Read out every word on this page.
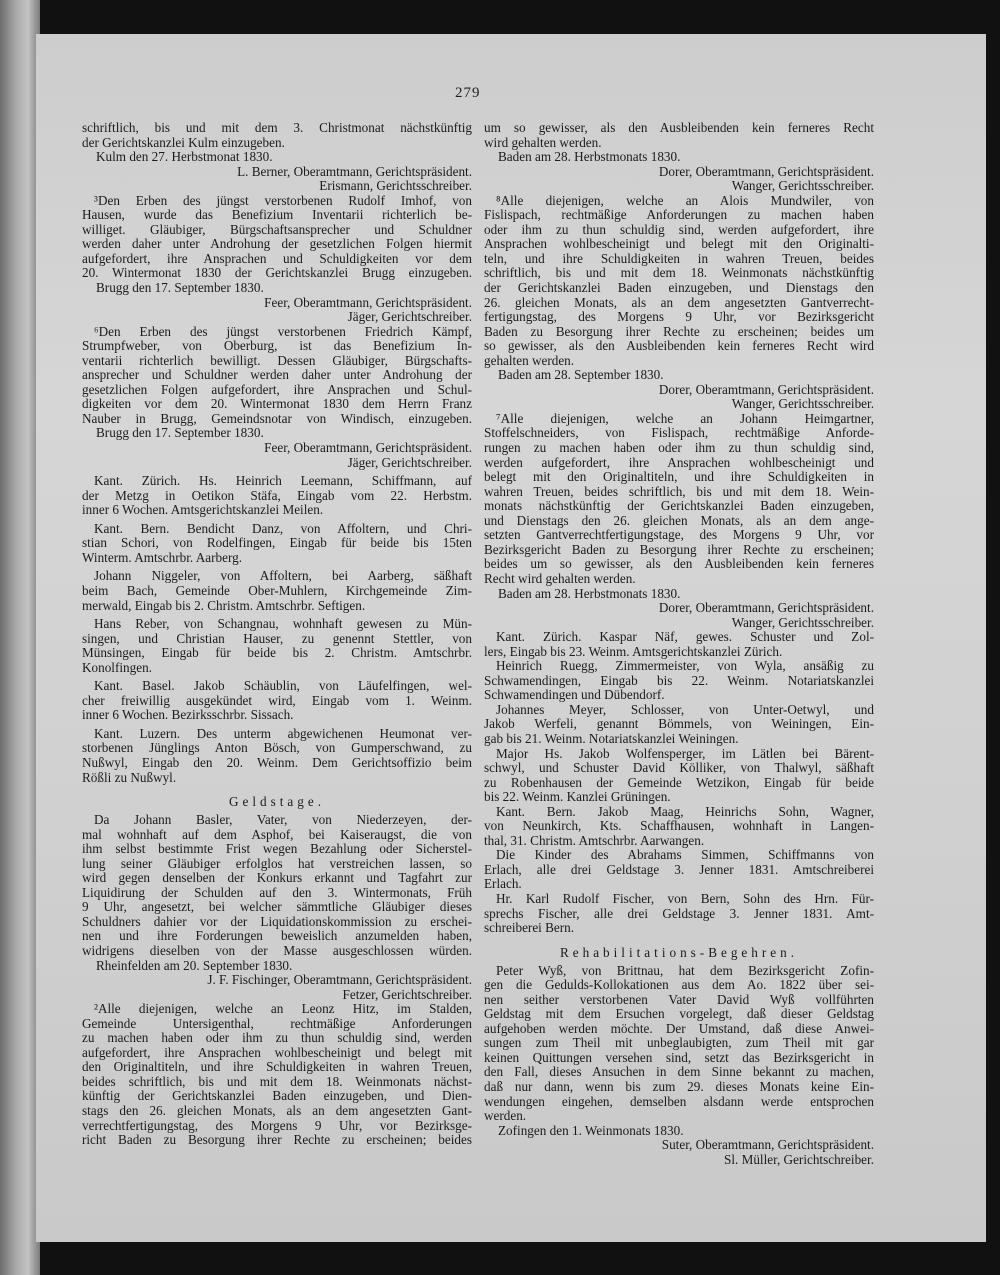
279
schriftlich, bis und mit dem 3. Christmonat nächstkünftig
der Gerichtskanzlei Kulm einzugeben.
Kulm den 27. Herbstmonat 1830.
L. Berner, Oberamtmann, Gerichtspräsident.
Erismann, Gerichtsschreiber.
³Den Erben des jüngst verstorbenen Rudolf Imhof, von
Hausen, wurde das Benefizium Inventarii richterlich be-
williget. Gläubiger, Bürgschaftsansprecher und Schuldner
werden daher unter Androhung der gesetzlichen Folgen hiermit
aufgefordert, ihre Ansprachen und Schuldigkeiten vor dem
20. Wintermonat 1830 der Gerichtskanzlei Brugg einzugeben.
Brugg den 17. September 1830.
Feer, Oberamtmann, Gerichtspräsident.
Jäger, Gerichtschreiber.
⁶Den Erben des jüngst verstorbenen Friedrich Kämpf,
Strumpfweber, von Oberburg, ist das Benefizium In-
ventarii richterlich bewilligt. Dessen Gläubiger, Bürgschafts-
ansprecher und Schuldner werden daher unter Androhung der
gesetzlichen Folgen aufgefordert, ihre Ansprachen und Schul-
digkeiten vor dem 20. Wintermonat 1830 dem Herrn Franz
Nauber in Brugg, Gemeindsnotar von Windisch, einzugeben.
Brugg den 17. September 1830.
Feer, Oberamtmann, Gerichtspräsident.
Jäger, Gerichtschreiber.
Kant. Zürich. Hs. Heinrich Leemann, Schiffmann, auf
der Metzg in Oetikon Stäfa, Eingab vom 22. Herbstm.
inner 6 Wochen. Amtsgerichtskanzlei Meilen.
Kant. Bern. Bendicht Danz, von Affoltern, und Chri-
stian Schori, von Rodelfingen, Eingab für beide bis 15ten
Winterm. Amtschrbr. Aarberg.
Johann Niggeler, von Affoltern, bei Aarberg, säßhaft
beim Bach, Gemeinde Ober-Muhlern, Kirchgemeinde Zim-
merwald, Eingab bis 2. Christm. Amtschrbr. Seftigen.
Hans Reber, von Schangnau, wohnhaft gewesen zu Mün-
singen, und Christian Hauser, zu genennt Stettler, von
Münsingen, Eingab für beide bis 2. Christm. Amtschrbr.
Konolfingen.
Kant. Basel. Jakob Schäublin, von Läufelfingen, wel-
cher freiwillig ausgekündet wird, Eingab vom 1. Weinm.
inner 6 Wochen. Bezirksschrbr. Sissach.
Kant. Luzern. Des unterm abgewichenen Heumonat ver-
storbenen Jünglings Anton Bösch, von Gumperschwand, zu
Nußwyl, Eingab den 20. Weinm. Dem Gerichtsoffizio beim
Rößli zu Nußwyl.
Geldstage.
Da Johann Basler, Vater, von Niederzeyen, der-
mal wohnhaft auf dem Asphof, bei Kaiseraugst, die von
ihm selbst bestimmte Frist wegen Bezahlung oder Sicherstel-
lung seiner Gläubiger erfolglos hat verstreichen lassen, so
wird gegen denselben der Konkurs erkannt und Tagfahrt zur
Liquidirung der Schulden auf den 3. Wintermonats, Früh
9 Uhr, angesetzt, bei welcher sämmtliche Gläubiger dieses
Schuldners dahier vor der Liquidationskommission zu erschei-
nen und ihre Forderungen beweislich anzumelden haben,
widrigens dieselben von der Masse ausgeschlossen würden.
Rheinfelden am 20. September 1830.
J. F. Fischinger, Oberamtmann, Gerichtspräsident.
Fetzer, Gerichtschreiber.
²Alle diejenigen, welche an Leonz Hitz, im Stalden,
Gemeinde Untersigenthal, rechtmäßige Anforderungen
zu machen haben oder ihm zu thun schuldig sind, werden
aufgefordert, ihre Ansprachen wohlbescheinigt und belegt mit
den Originaltiteln, und ihre Schuldigkeiten in wahren Treuen,
beides schriftlich, bis und mit dem 18. Weinmonats nächst-
künftig der Gerichtskanzlei Baden einzugeben, und Dien-
stags den 26. gleichen Monats, als an dem angesetzten Gant-
verrechtfertigungstag, des Morgens 9 Uhr, vor Bezirksge-
richt Baden zu Besorgung ihrer Rechte zu erscheinen; beides
um so gewisser, als den Ausbleibenden kein ferneres Recht
wird gehalten werden.
Baden am 28. Herbstmonats 1830.
Dorer, Oberamtmann, Gerichtspräsident.
Wanger, Gerichtsschreiber.
⁸Alle diejenigen, welche an Alois Mundwiler, von
Fislispach, rechtmäßige Anforderungen zu machen haben
oder ihm zu thun schuldig sind, werden aufgefordert, ihre
Ansprachen wohlbescheinigt und belegt mit den Originalti-
teln, und ihre Schuldigkeiten in wahren Treuen, beides
schriftlich, bis und mit dem 18. Weinmonats nächstkünftig
der Gerichtskanzlei Baden einzugeben, und Dienstags den
26. gleichen Monats, als an dem angesetzten Gantverrecht-
fertigungstag, des Morgens 9 Uhr, vor Bezirksgericht
Baden zu Besorgung ihrer Rechte zu erscheinen; beides um
so gewisser, als den Ausbleibenden kein ferneres Recht wird
gehalten werden.
Baden am 28. September 1830.
Dorer, Oberamtmann, Gerichtspräsident.
Wanger, Gerichtsschreiber.
⁷Alle diejenigen, welche an Johann Heimgartner,
Stoffelschneiders, von Fislispach, rechtmäßige Anforde-
rungen zu machen haben oder ihm zu thun schuldig sind,
werden aufgefordert, ihre Ansprachen wohlbescheinigt und
belegt mit den Originaltiteln, und ihre Schuldigkeiten in
wahren Treuen, beides schriftlich, bis und mit dem 18. Wein-
monats nächstkünftig der Gerichtskanzlei Baden einzugeben,
und Dienstags den 26. gleichen Monats, als an dem ange-
setzten Gantverrechtfertigungstage, des Morgens 9 Uhr, vor
Bezirksgericht Baden zu Besorgung ihrer Rechte zu erscheinen;
beides um so gewisser, als den Ausbleibenden kein ferneres
Recht wird gehalten werden.
Baden am 28. Herbstmonats 1830.
Dorer, Oberamtmann, Gerichtspräsident.
Wanger, Gerichtsschreiber.
Kant. Zürich. Kaspar Näf, gewes. Schuster und Zol-
lers, Eingab bis 23. Weinm. Amtsgerichtskanzlei Zürich.
Heinrich Ruegg, Zimmermeister, von Wyla, ansäßig zu
Schwamendingen, Eingab bis 22. Weinm. Notariatskanzlei
Schwamendingen und Dübendorf.
Johannes Meyer, Schlosser, von Unter-Oetwyl, und
Jakob Werfeli, genannt Bömmels, von Weiningen, Ein-
gab bis 21. Weinm. Notariatskanzlei Weiningen.
Major Hs. Jakob Wolfensperger, im Lätlen bei Bärent-
schwyl, und Schuster David Kölliker, von Thalwyl, säßhaft
zu Robenhausen der Gemeinde Wetzikon, Eingab für beide
bis 22. Weinm. Kanzlei Grüningen.
Kant. Bern. Jakob Maag, Heinrichs Sohn, Wagner,
von Neunkirch, Kts. Schaffhausen, wohnhaft in Langen-
thal, 31. Christm. Amtschrbr. Aarwangen.
Die Kinder des Abrahams Simmen, Schiffmanns von
Erlach, alle drei Geldstage 3. Jenner 1831. Amtschreiberei
Erlach.
Hr. Karl Rudolf Fischer, von Bern, Sohn des Hrn. Für-
sprechs Fischer, alle drei Geldstage 3. Jenner 1831. Amt-
schreiberei Bern.
Rehabilitations-Begehren.
Peter Wyß, von Brittnau, hat dem Bezirksgericht Zofin-
gen die Gedulds-Kollokationen aus dem Ao. 1822 über sei-
nen seither verstorbenen Vater David Wyß vollführten
Geldstag mit dem Ersuchen vorgelegt, daß dieser Geldstag
aufgehoben werden möchte. Der Umstand, daß diese Anwei-
sungen zum Theil mit unbeglaubigten, zum Theil mit gar
keinen Quittungen versehen sind, setzt das Bezirksgericht in
den Fall, dieses Ansuchen in dem Sinne bekannt zu machen,
daß nur dann, wenn bis zum 29. dieses Monats keine Ein-
wendungen eingehen, demselben alsdann werde entsprochen
werden.
Zofingen den 1. Weinmonats 1830.
Suter, Oberamtmann, Gerichtspräsident.
Sl. Müller, Gerichtschreiber.
